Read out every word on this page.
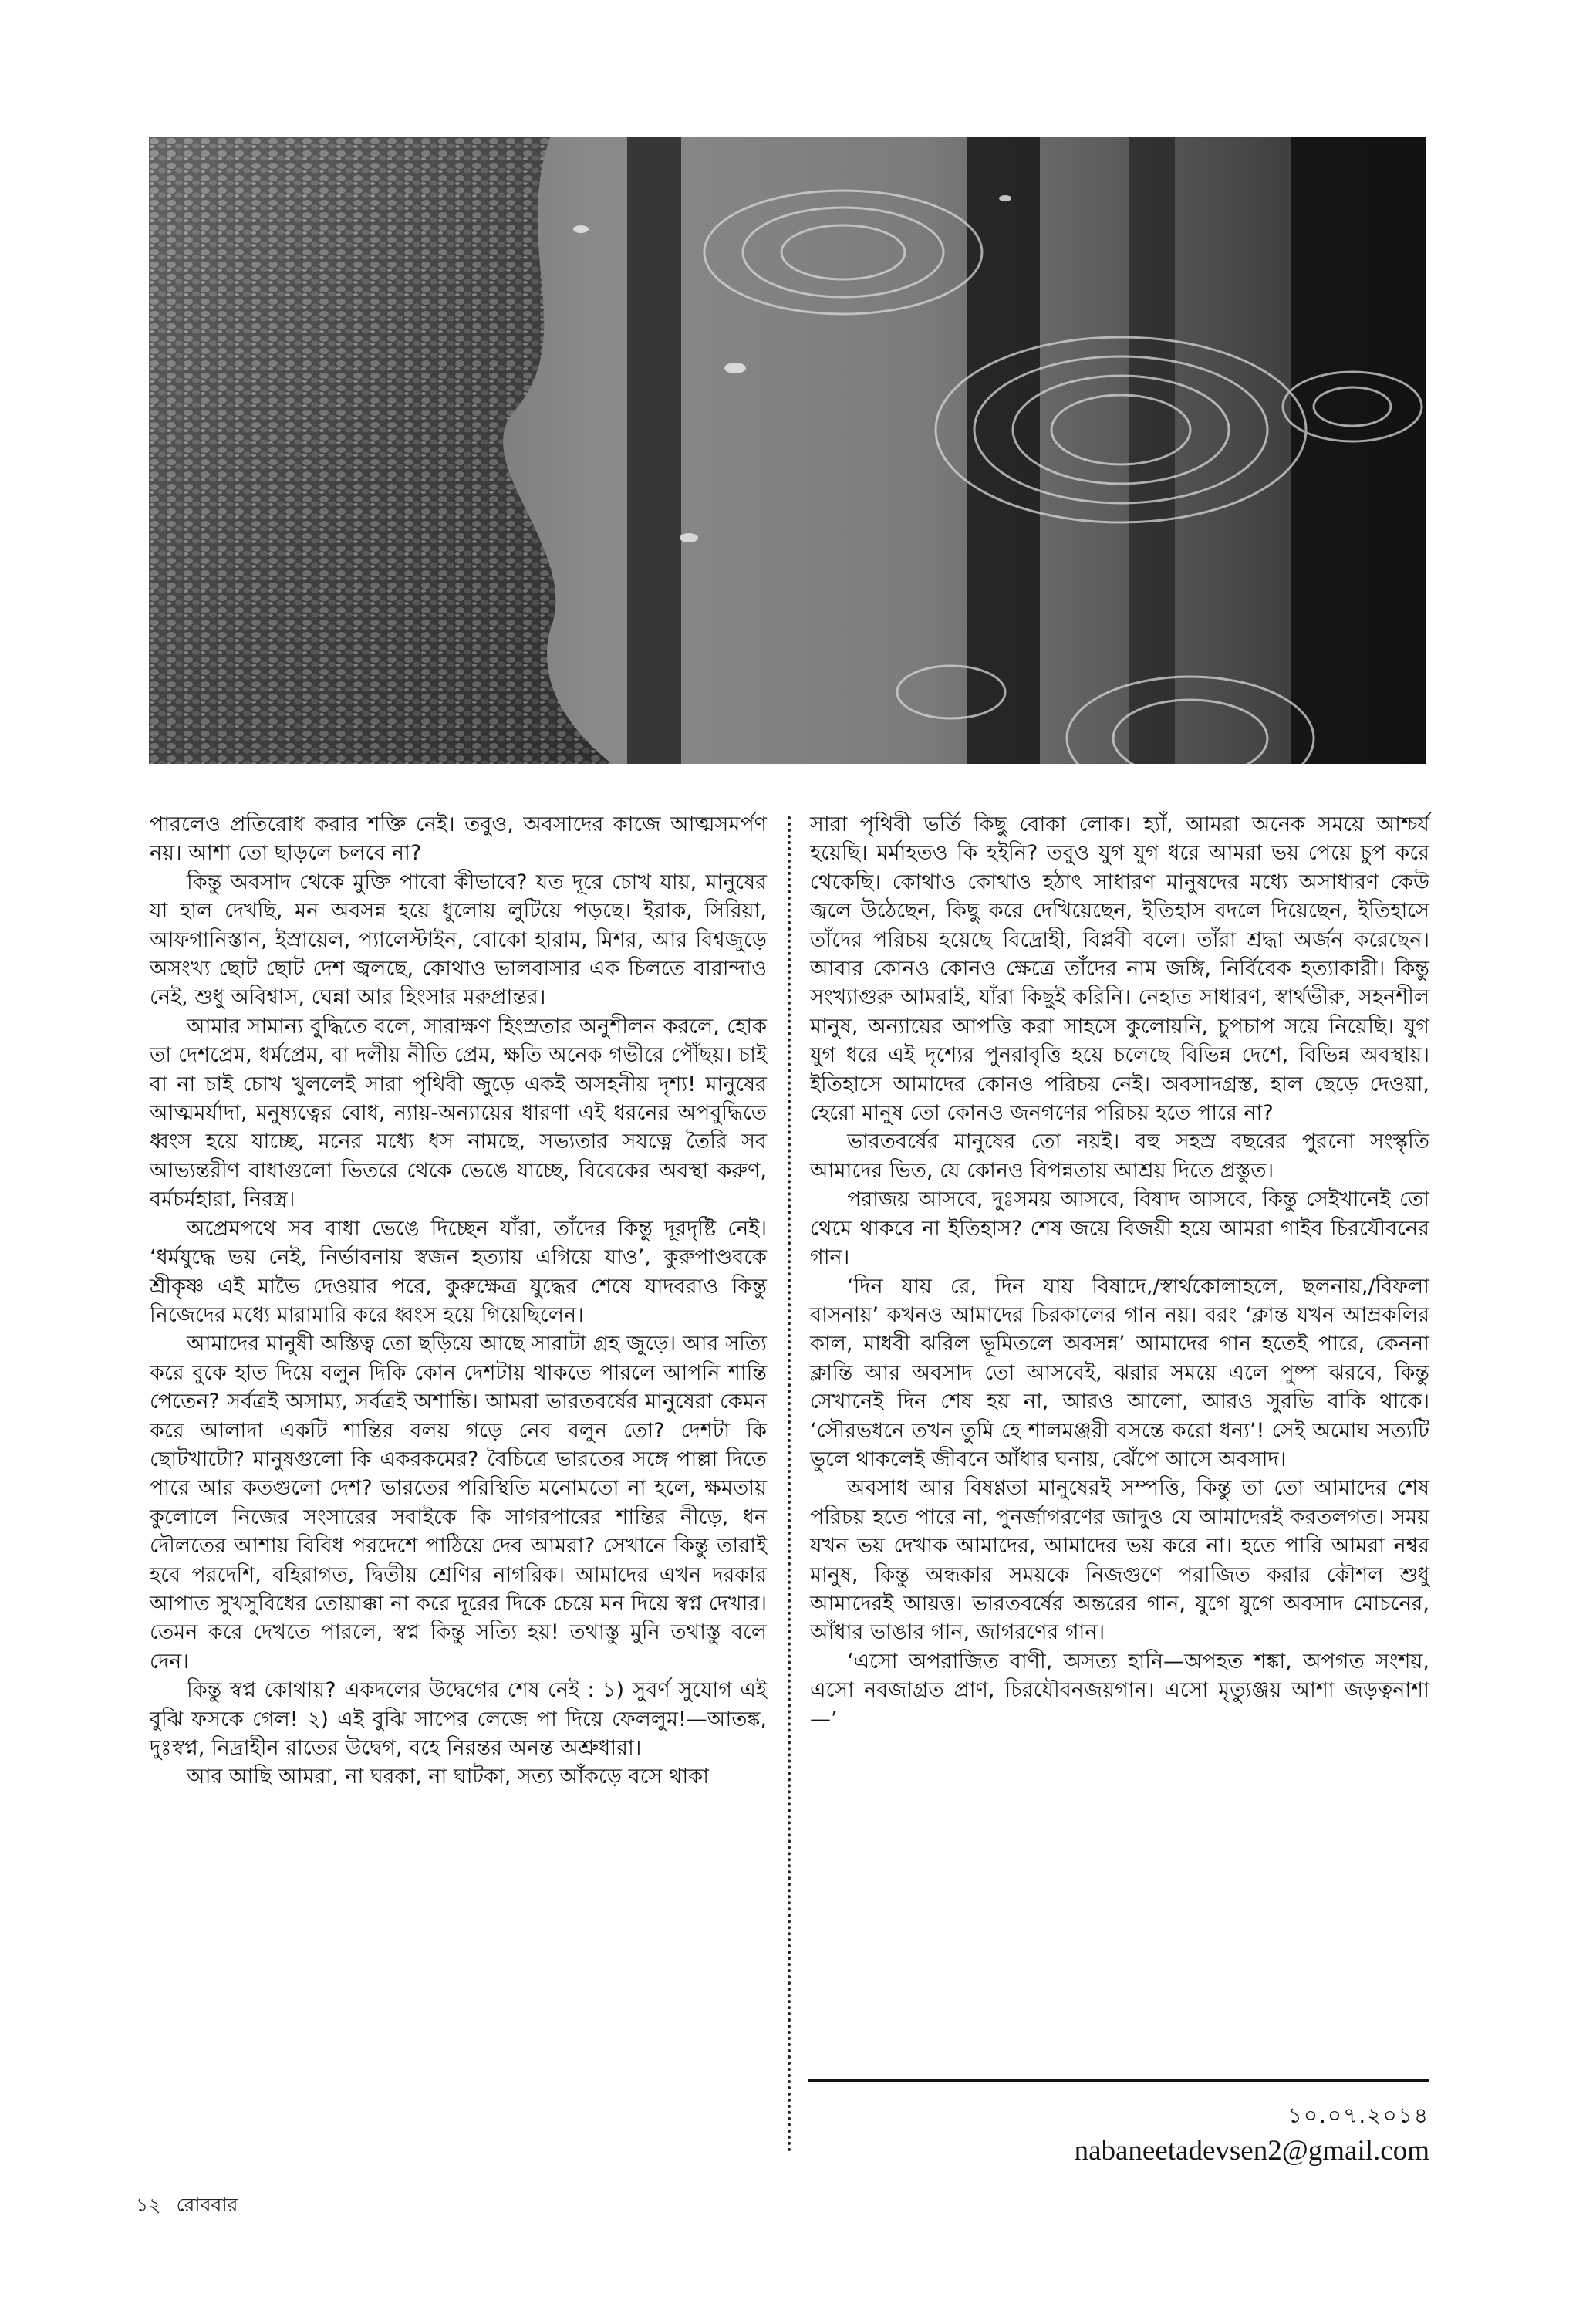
পারলেও প্রতিরোধ করার শক্তি নেই। তবুও, অবসাদের কাজে আত্মসমর্পণ নয়। আশা তো ছাড়লে চলবে না?

কিন্তু অবসাদ থেকে মুক্তি পাবো কীভাবে? যত দূরে চোখ যায়, মানুষের যা হাল দেখছি, মন অবসন্ন হয়ে ধুলোয় লুটিয়ে পড়ছে। ইরাক, সিরিয়া, আফগানিস্তান, ইস্রায়েল, প্যালেস্টাইন, বোকো হারাম, মিশর, আর বিশ্বজুড়ে অসংখ্য ছোট ছোট দেশ জ্বলছে, কোথাও ভালবাসার এক চিলতে বারান্দাও নেই, শুধু অবিশ্বাস, ঘেন্না আর হিংসার মরুপ্রান্তর।

আমার সামান্য বুদ্ধিতে বলে, সারাক্ষণ হিংস্রতার অনুশীলন করলে, হোক তা দেশপ্রেম, ধর্মপ্রেম, বা দলীয় নীতি প্রেম, ক্ষতি অনেক গভীরে পৌঁছয়। চাই বা না চাই চোখ খুললেই সারা পৃথিবী জুড়ে একই অসহনীয় দৃশ্য! মানুষের আত্মমর্যাদা, মনুষ্যত্বের বোধ, ন্যায়-অন্যায়ের ধারণা এই ধরনের অপবুদ্ধিতে ধ্বংস হয়ে যাচ্ছে, মনের মধ্যে ধস নামছে, সভ্যতার সযত্নে তৈরি সব আভ্যন্তরীণ বাধাগুলো ভিতরে থেকে ভেঙে যাচ্ছে, বিবেকের অবস্থা করুণ, বর্মচর্মহারা, নিরস্ত্র।

অপ্রেমপথে সব বাধা ভেঙে দিচ্ছেন যাঁরা, তাঁদের কিন্তু দূরদৃষ্টি নেই। ‘ধর্মযুদ্ধে ভয় নেই, নির্ভাবনায় স্বজন হত্যায় এগিয়ে যাও’, কুরুপাণ্ডবকে শ্রীকৃষ্ণ এই মাভৈ দেওয়ার পরে, কুরুক্ষেত্র যুদ্ধের শেষে যাদবরাও কিন্তু নিজেদের মধ্যে মারামারি করে ধ্বংস হয়ে গিয়েছিলেন।

আমাদের মানুষী অস্তিত্ব তো ছড়িয়ে আছে সারাটা গ্রহ জুড়ে। আর সত্যি করে বুকে হাত দিয়ে বলুন দিকি কোন দেশটায় থাকতে পারলে আপনি শান্তি পেতেন? সর্বত্রই অসাম্য, সর্বত্রই অশান্তি। আমরা ভারতবর্ষের মানুষেরা কেমন করে আলাদা একটি শান্তির বলয় গড়ে নেব বলুন তো? দেশটা কি ছোটখাটো? মানুষগুলো কি একরকমের? বৈচিত্রে ভারতের সঙ্গে পাল্লা দিতে পারে আর কতগুলো দেশ? ভারতের পরিস্থিতি মনোমতো না হলে, ক্ষমতায় কুলোলে নিজের সংসারের সবাইকে কি সাগরপারের শান্তির নীড়ে, ধন দৌলতের আশায় বিবিধ পরদেশে পাঠিয়ে দেব আমরা? সেখানে কিন্তু তারাই হবে পরদেশি, বহিরাগত, দ্বিতীয় শ্রেণির নাগরিক। আমাদের এখন দরকার আপাত সুখসুবিধের তোয়াক্কা না করে দূরের দিকে চেয়ে মন দিয়ে স্বপ্ন দেখার। তেমন করে দেখতে পারলে, স্বপ্ন কিন্তু সত্যি হয়! তথাস্তু মুনি তথাস্তু বলে দেন।

কিন্তু স্বপ্ন কোথায়? একদলের উদ্বেগের শেষ নেই : ১) সুবর্ণ সুযোগ এই বুঝি ফসকে গেল! ২) এই বুঝি সাপের লেজে পা দিয়ে ফেললুম!—আতঙ্ক, দুঃস্বপ্ন, নিদ্রাহীন রাতের উদ্বেগ, বহে নিরন্তর অনন্ত অশ্রুধারা।

আর আছি আমরা, না ঘরকা, না ঘাটকা, সত্য আঁকড়ে বসে থাকা

সারা পৃথিবী ভর্তি কিছু বোকা লোক। হ্যাঁ, আমরা অনেক সময়ে আশ্চর্য হয়েছি। মর্মাহতও কি হইনি? তবুও যুগ যুগ ধরে আমরা ভয় পেয়ে চুপ করে থেকেছি। কোথাও কোথাও হঠাৎ সাধারণ মানুষদের মধ্যে অসাধারণ কেউ জ্বলে উঠেছেন, কিছু করে দেখিয়েছেন, ইতিহাস বদলে দিয়েছেন, ইতিহাসে তাঁদের পরিচয় হয়েছে বিদ্রোহী, বিপ্লবী বলে। তাঁরা শ্রদ্ধা অর্জন করেছেন। আবার কোনও কোনও ক্ষেত্রে তাঁদের নাম জঙ্গি, নির্বিবেক হত্যাকারী। কিন্তু সংখ্যাগুরু আমরাই, যাঁরা কিছুই করিনি। নেহাত সাধারণ, স্বার্থভীরু, সহনশীল মানুষ, অন্যায়ের আপত্তি করা সাহসে কুলোয়নি, চুপচাপ সয়ে নিয়েছি। যুগ যুগ ধরে এই দৃশ্যের পুনরাবৃত্তি হয়ে চলেছে বিভিন্ন দেশে, বিভিন্ন অবস্থায়। ইতিহাসে আমাদের কোনও পরিচয় নেই। অবসাদগ্রস্ত, হাল ছেড়ে দেওয়া, হেরো মানুষ তো কোনও জনগণের পরিচয় হতে পারে না?

ভারতবর্ষের মানুষের তো নয়ই। বহু সহস্র বছরের পুরনো সংস্কৃতি আমাদের ভিত, যে কোনও বিপন্নতায় আশ্রয় দিতে প্রস্তুত।

পরাজয় আসবে, দুঃসময় আসবে, বিষাদ আসবে, কিন্তু সেইখানেই তো থেমে থাকবে না ইতিহাস? শেষ জয়ে বিজয়ী হয়ে আমরা গাইব চিরযৌবনের গান।

‘দিন যায় রে, দিন যায় বিষাদে,/স্বার্থকোলাহলে, ছলনায়,/বিফলা বাসনায়’ কখনও আমাদের চিরকালের গান নয়। বরং ‘ক্লান্ত যখন আম্রকলির কাল, মাধবী ঝরিল ভূমিতলে অবসন্ন’ আমাদের গান হতেই পারে, কেননা ক্লান্তি আর অবসাদ তো আসবেই, ঝরার সময়ে এলে পুষ্প ঝরবে, কিন্তু সেখানেই দিন শেষ হয় না, আরও আলো, আরও সুরভি বাকি থাকে। ‘সৌরভধনে তখন তুমি হে শালমঞ্জরী বসন্তে করো ধন্য’! সেই অমোঘ সত্যটি ভুলে থাকলেই জীবনে আঁধার ঘনায়, ঝেঁপে আসে অবসাদ।

অবসাধ আর বিষণ্ণতা মানুষেরই সম্পত্তি, কিন্তু তা তো আমাদের শেষ পরিচয় হতে পারে না, পুনর্জাগরণের জাদুও যে আমাদেরই করতলগত। সময় যখন ভয় দেখাক আমাদের, আমাদের ভয় করে না। হতে পারি আমরা নশ্বর মানুষ, কিন্তু অন্ধকার সময়কে নিজগুণে পরাজিত করার কৌশল শুধু আমাদেরই আয়ত্ত। ভারতবর্ষের অন্তরের গান, যুগে যুগে অবসাদ মোচনের, আঁধার ভাঙার গান, জাগরণের গান।

‘এসো অপরাজিত বাণী, অসত্য হানি—অপহত শঙ্কা, অপগত সংশয়, এসো নবজাগ্রত প্রাণ, চিরযৌবনজয়গান। এসো মৃত্যুঞ্জয় আশা জড়ত্বনাশা—’

১০.০৭.২০১৪
nabaneetadevsen2@gmail.com
১২ রোববার
